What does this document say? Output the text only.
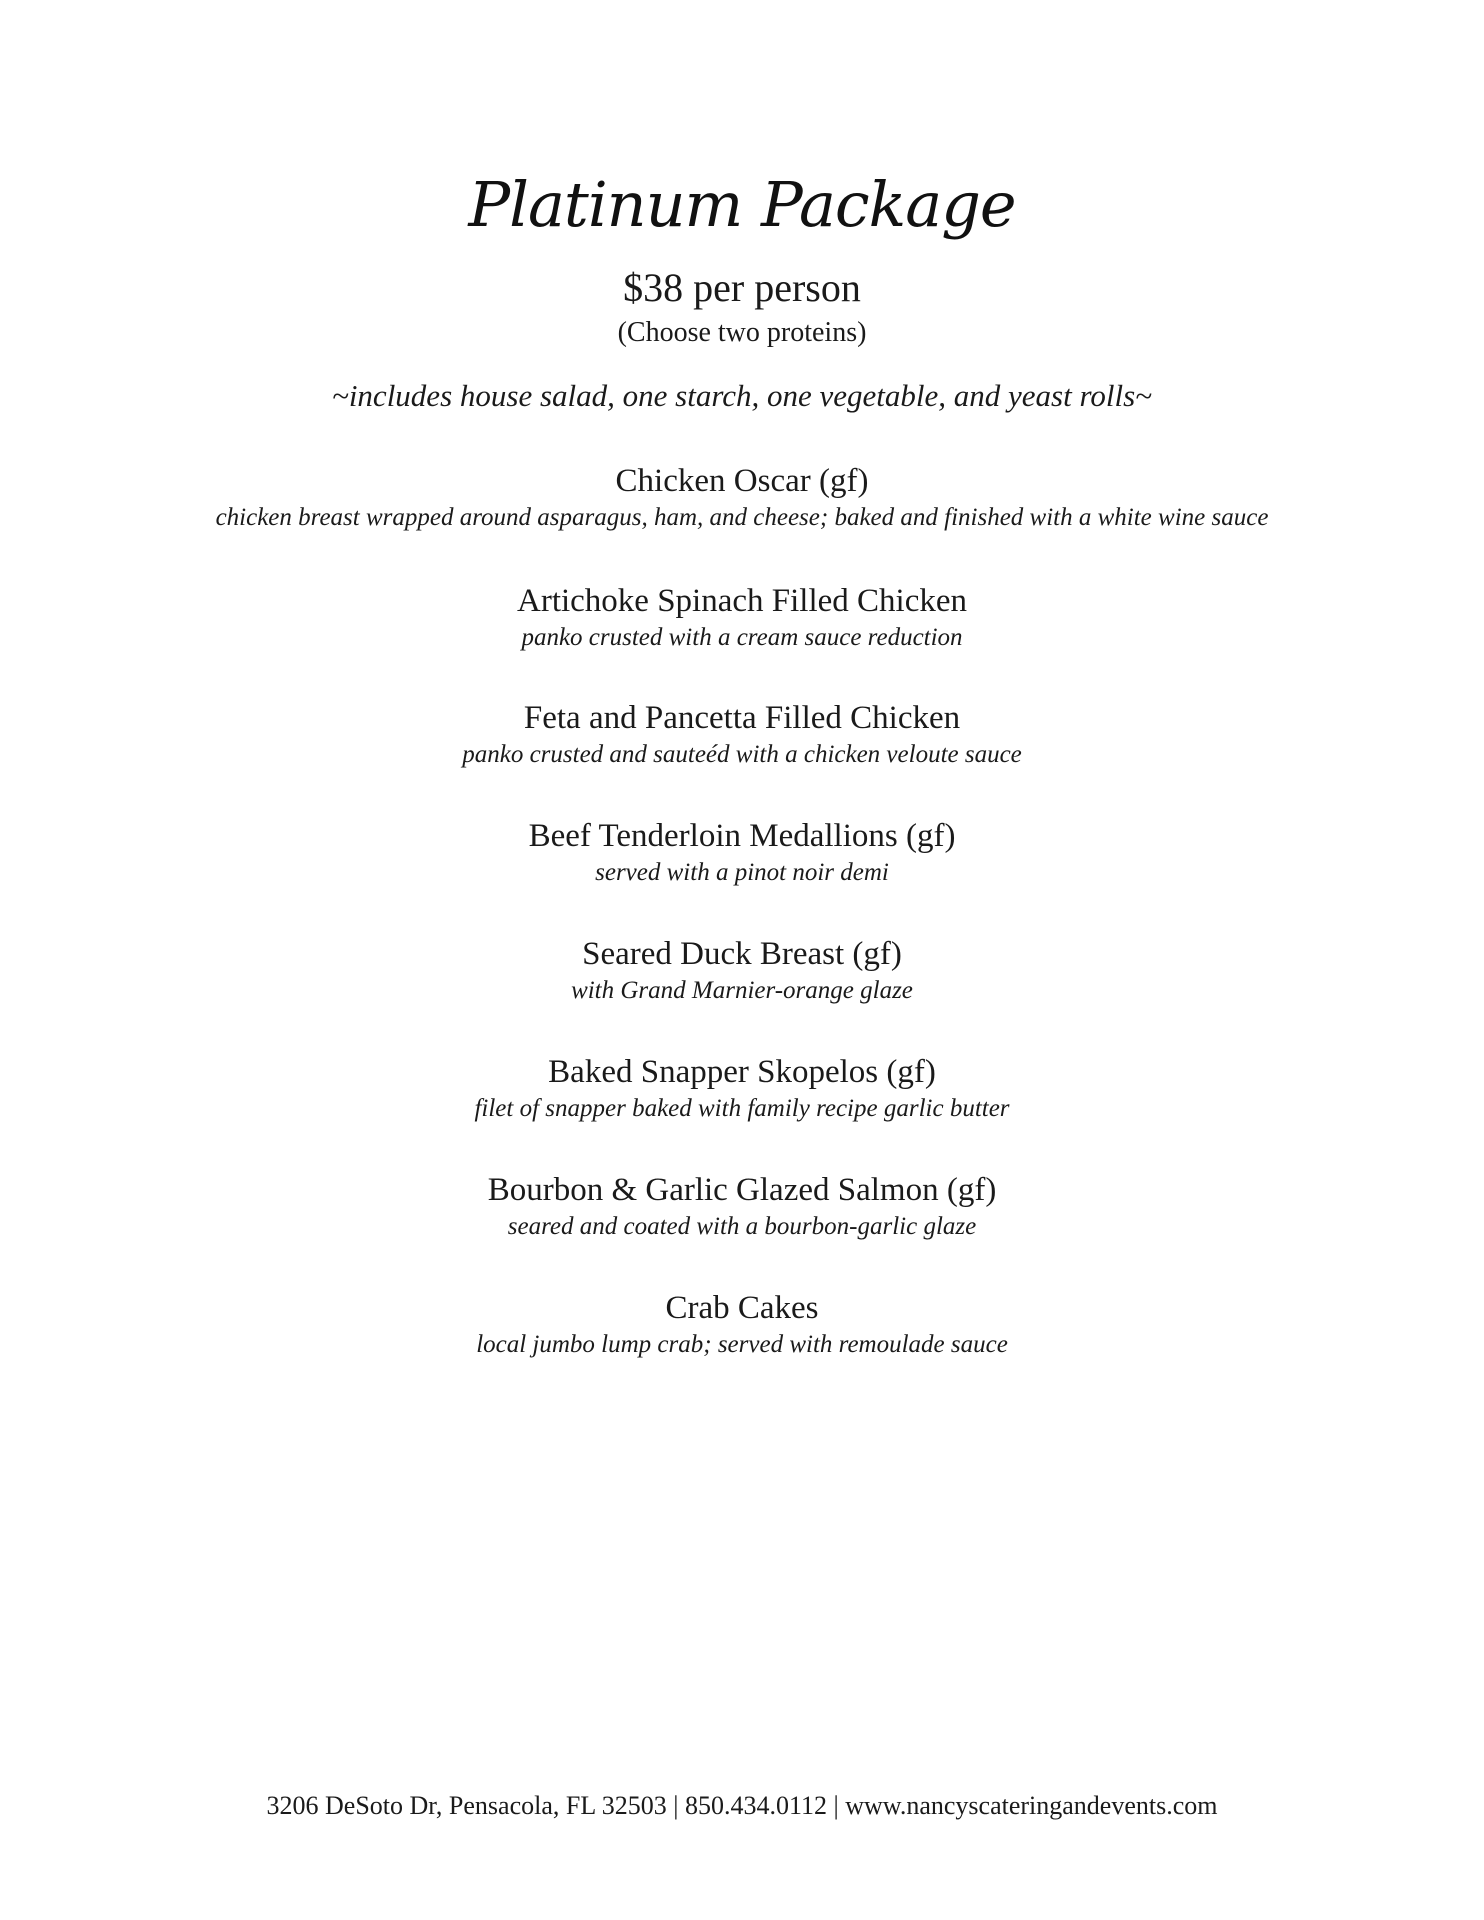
Platinum Package
$38 per person
(Choose two proteins)
~includes house salad, one starch, one vegetable, and yeast rolls~
Chicken Oscar (gf)
chicken breast wrapped around asparagus, ham, and cheese; baked and finished with a white wine sauce
Artichoke Spinach Filled Chicken
panko crusted with a cream sauce reduction
Feta and Pancetta Filled Chicken
panko crusted and sauteéd with a chicken veloute sauce
Beef Tenderloin Medallions (gf)
served with a pinot noir demi
Seared Duck Breast (gf)
with Grand Marnier-orange glaze
Baked Snapper Skopelos (gf)
filet of snapper baked with family recipe garlic butter
Bourbon & Garlic Glazed Salmon (gf)
seared and coated with a bourbon-garlic glaze
Crab Cakes
local jumbo lump crab; served with remoulade sauce
3206 DeSoto Dr, Pensacola, FL 32503 | 850.434.0112 | www.nancyscateringandevents.com
